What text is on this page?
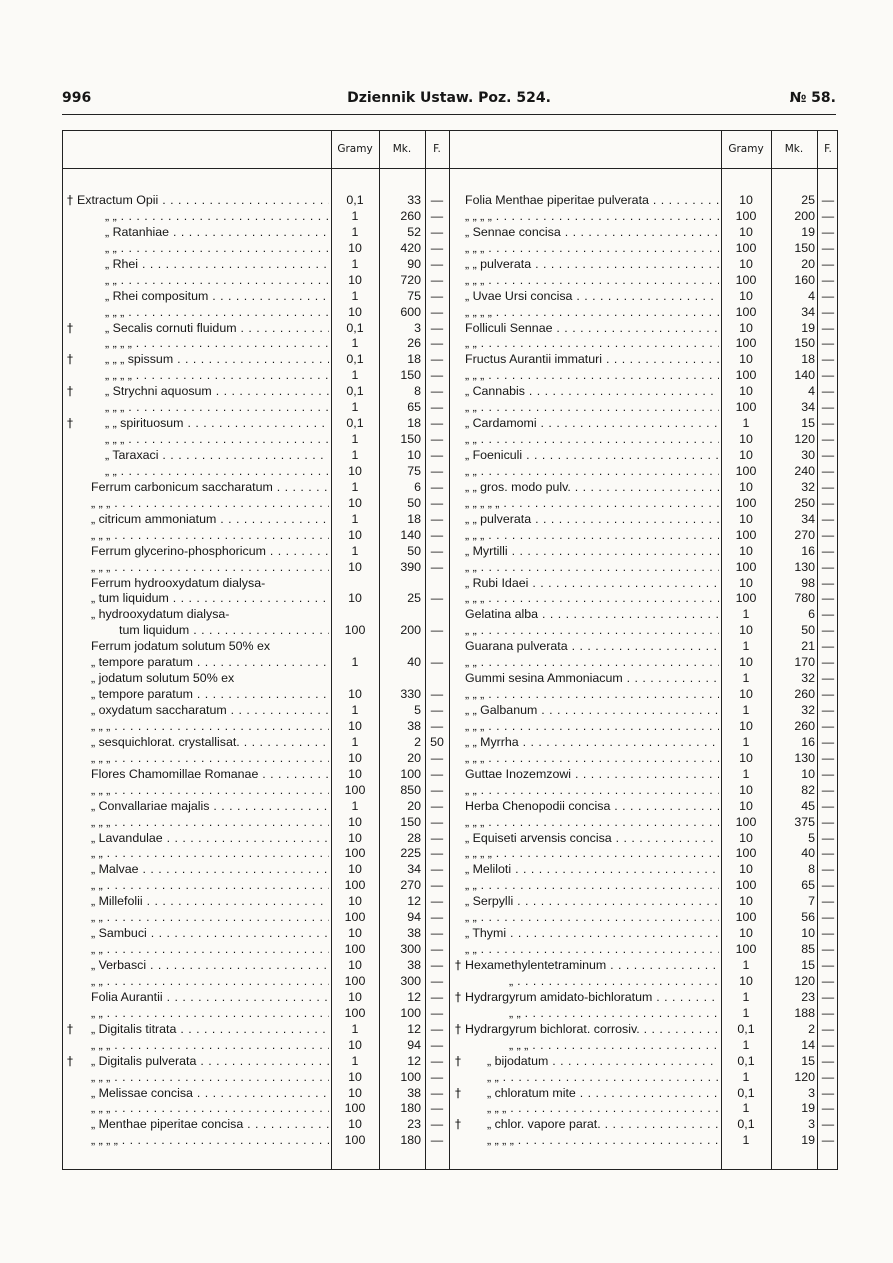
996	Dziennik Ustaw. Poz. 524.	№ 58.
Gramy	Mk.	F.	Gramy	Mk.	F.
† Extractum Opii . . .	0,1	33 —
„ „ . . .	1	260 —
„ Ratanhiae . . .	1	52 —
„ „ . . .	10	420 —
„ Rhei . . .	1	90 —
„ „ . . .	10	720 —
„ Rhei compositum . . .	1	75 —
„ „ „ . . .	10	600 —
†	„ Secalis cornuti fluidum . . .	0,1	3 —
„ „ „ „ . . .	1	26 —
†	„ „ „ spissum . . .	0,1	18 —
„ „ „ „ . . .	1	150 —
†	„ Strychni aquosum . . .	0,1	8 —
„ „ „ . . .	1	65 —
†	„ „ spirituosum . . .	0,1	18 —
„ „ „ . . .	1	150 —
„ Taraxaci . . .	1	10 —
„ „ . . .	10	75 —
Ferrum carbonicum saccharatum . . .	1	6 —
„ „ „ . . .	10	50 —
„ citricum ammoniatum . . .	1	18 —
„ „ „ . . .	10	140 —
Ferrum glycerino-phosphoricum . . .	1	50 —
„ „ „ . . .	10	390 —
Ferrum hydrooxydatum dialysa-
„ tum liquidum . . .	10	25 —
„ hydrooxydatum dialysa-
tum liquidum . . .	100	200 —
Ferrum jodatum solutum 50% ex
„ tempore paratum . . .	1	40 —
„ jodatum solutum 50% ex
„ tempore paratum . . .	10	330 —
„ oxydatum saccharatum . . .	1	5 —
„ „ „ . . .	10	38 —
„ sesquichlorat. crystallisat. . . .	1	2 50
„ „ „ . . .	10	20 —
Flores Chamomillae Romanae . . .	10	100 —
„ „ „ . . .	100	850 —
„ Convallariae majalis . . .	1	20 —
„ „ „ . . .	10	150 —
„ Lavandulae . . .	10	28 —
„ „ . . .	100	225 —
„ Malvae . . .	10	34 —
„ „ . . .	100	270 —
„ Millefolii . . .	10	12 —
„ „ . . .	100	94 —
„ Sambuci . . .	10	38 —
„ „ . . .	100	300 —
„ Verbasci . . .	10	38 —
„ „ . . .	100	300 —
Folia Aurantii . . .	10	12 —
„ „ . . .	100	100 —
† „ Digitalis titrata . . .	1	12 —
„ „ „ . . .	10	94 —
† „ Digitalis pulverata . . .	1	12 —
„ „ „ . . .	10	100 —
„ Melissae concisa . . .	10	38 —
„ „ „ . . .	100	180 —
„ Menthae piperitae concisa . . .	10	23 —
„ „ „ „ . . .	100	180 —
Folia Menthae piperitae pulverata . . .	10	25 —
„ „ „ „ . . .	100	200 —
„ Sennae concisa . . .	10	19 —
„ „ „ . . .	100	150 —
„ „ pulverata . . .	10	20 —
„ „ „ . . .	100	160 —
„ Uvae Ursi concisa . . .	10	4 —
„ „ „ „ . . .	100	34 —
Folliculi Sennae . . .	10	19 —
„ „ . . .	100	150 —
Fructus Aurantii immaturi . . .	10	18 —
„ „ „ . . .	100	140 —
„ Cannabis . . .	10	4 —
„ „ . . .	100	34 —
„ Cardamomi . . .	1	15 —
„ „ . . .	10	120 —
„ Foeniculi . . .	10	30 —
„ „ . . .	100	240 —
„ „ gros. modo pulv. . . .	10	32 —
„ „ „ „ „ . . .	100	250 —
„ „ pulverata . . .	10	34 —
„ „ „ . . .	100	270 —
„ Myrtilli . . .	10	16 —
„ „ . . .	100	130 —
„ Rubi Idaei . . .	10	98 —
„ „ „ . . .	100	780 —
Gelatina alba . . .	1	6 —
„ „ . . .	10	50 —
Guarana pulverata . . .	1	21 —
„ „ . . .	10	170 —
Gummi sesina Ammoniacum . . .	1	32 —
„ „ „ . . .	10	260 —
„ „ Galbanum . . .	1	32 —
„ „ „ . . .	10	260 —
„ „ Myrrha . . .	1	16 —
„ „ „ . . .	10	130 —
Guttae Inozemzowi . . .	1	10 —
„ „ . . .	10	82 —
Herba Chenopodii concisa . . .	10	45 —
„ „ „ . . .	100	375 —
„ Equiseti arvensis concisa . . .	10	5 —
„ „ „ „ . . .	100	40 —
„ Meliloti . . .	10	8 —
„ „ . . .	100	65 —
„ Serpylli . . .	10	7 —
„ „ . . .	100	56 —
„ Thymi . . .	10	10 —
„ „ . . .	100	85 —
† Hexamethylentetraminum . . .	1	15 —
„ . . .	10	120 —
† Hydrargyrum amidato-bichloratum . . .	1	23 —
„ „ . . .	1	188 —
† Hydrargyrum bichlorat. corrosiv. . . .	0,1	2 —
„ „ „ . . .	1	14 —
† „ bijodatum . . .	0,1	15 —
„ „ . . .	1	120 —
† „ chloratum mite . . .	0,1	3 —
„ „ „ . . .	1	19 —
† „ chlor. vapore parat. . . .	0,1	3 —
„ „ „ „ . . .	1	19 —
